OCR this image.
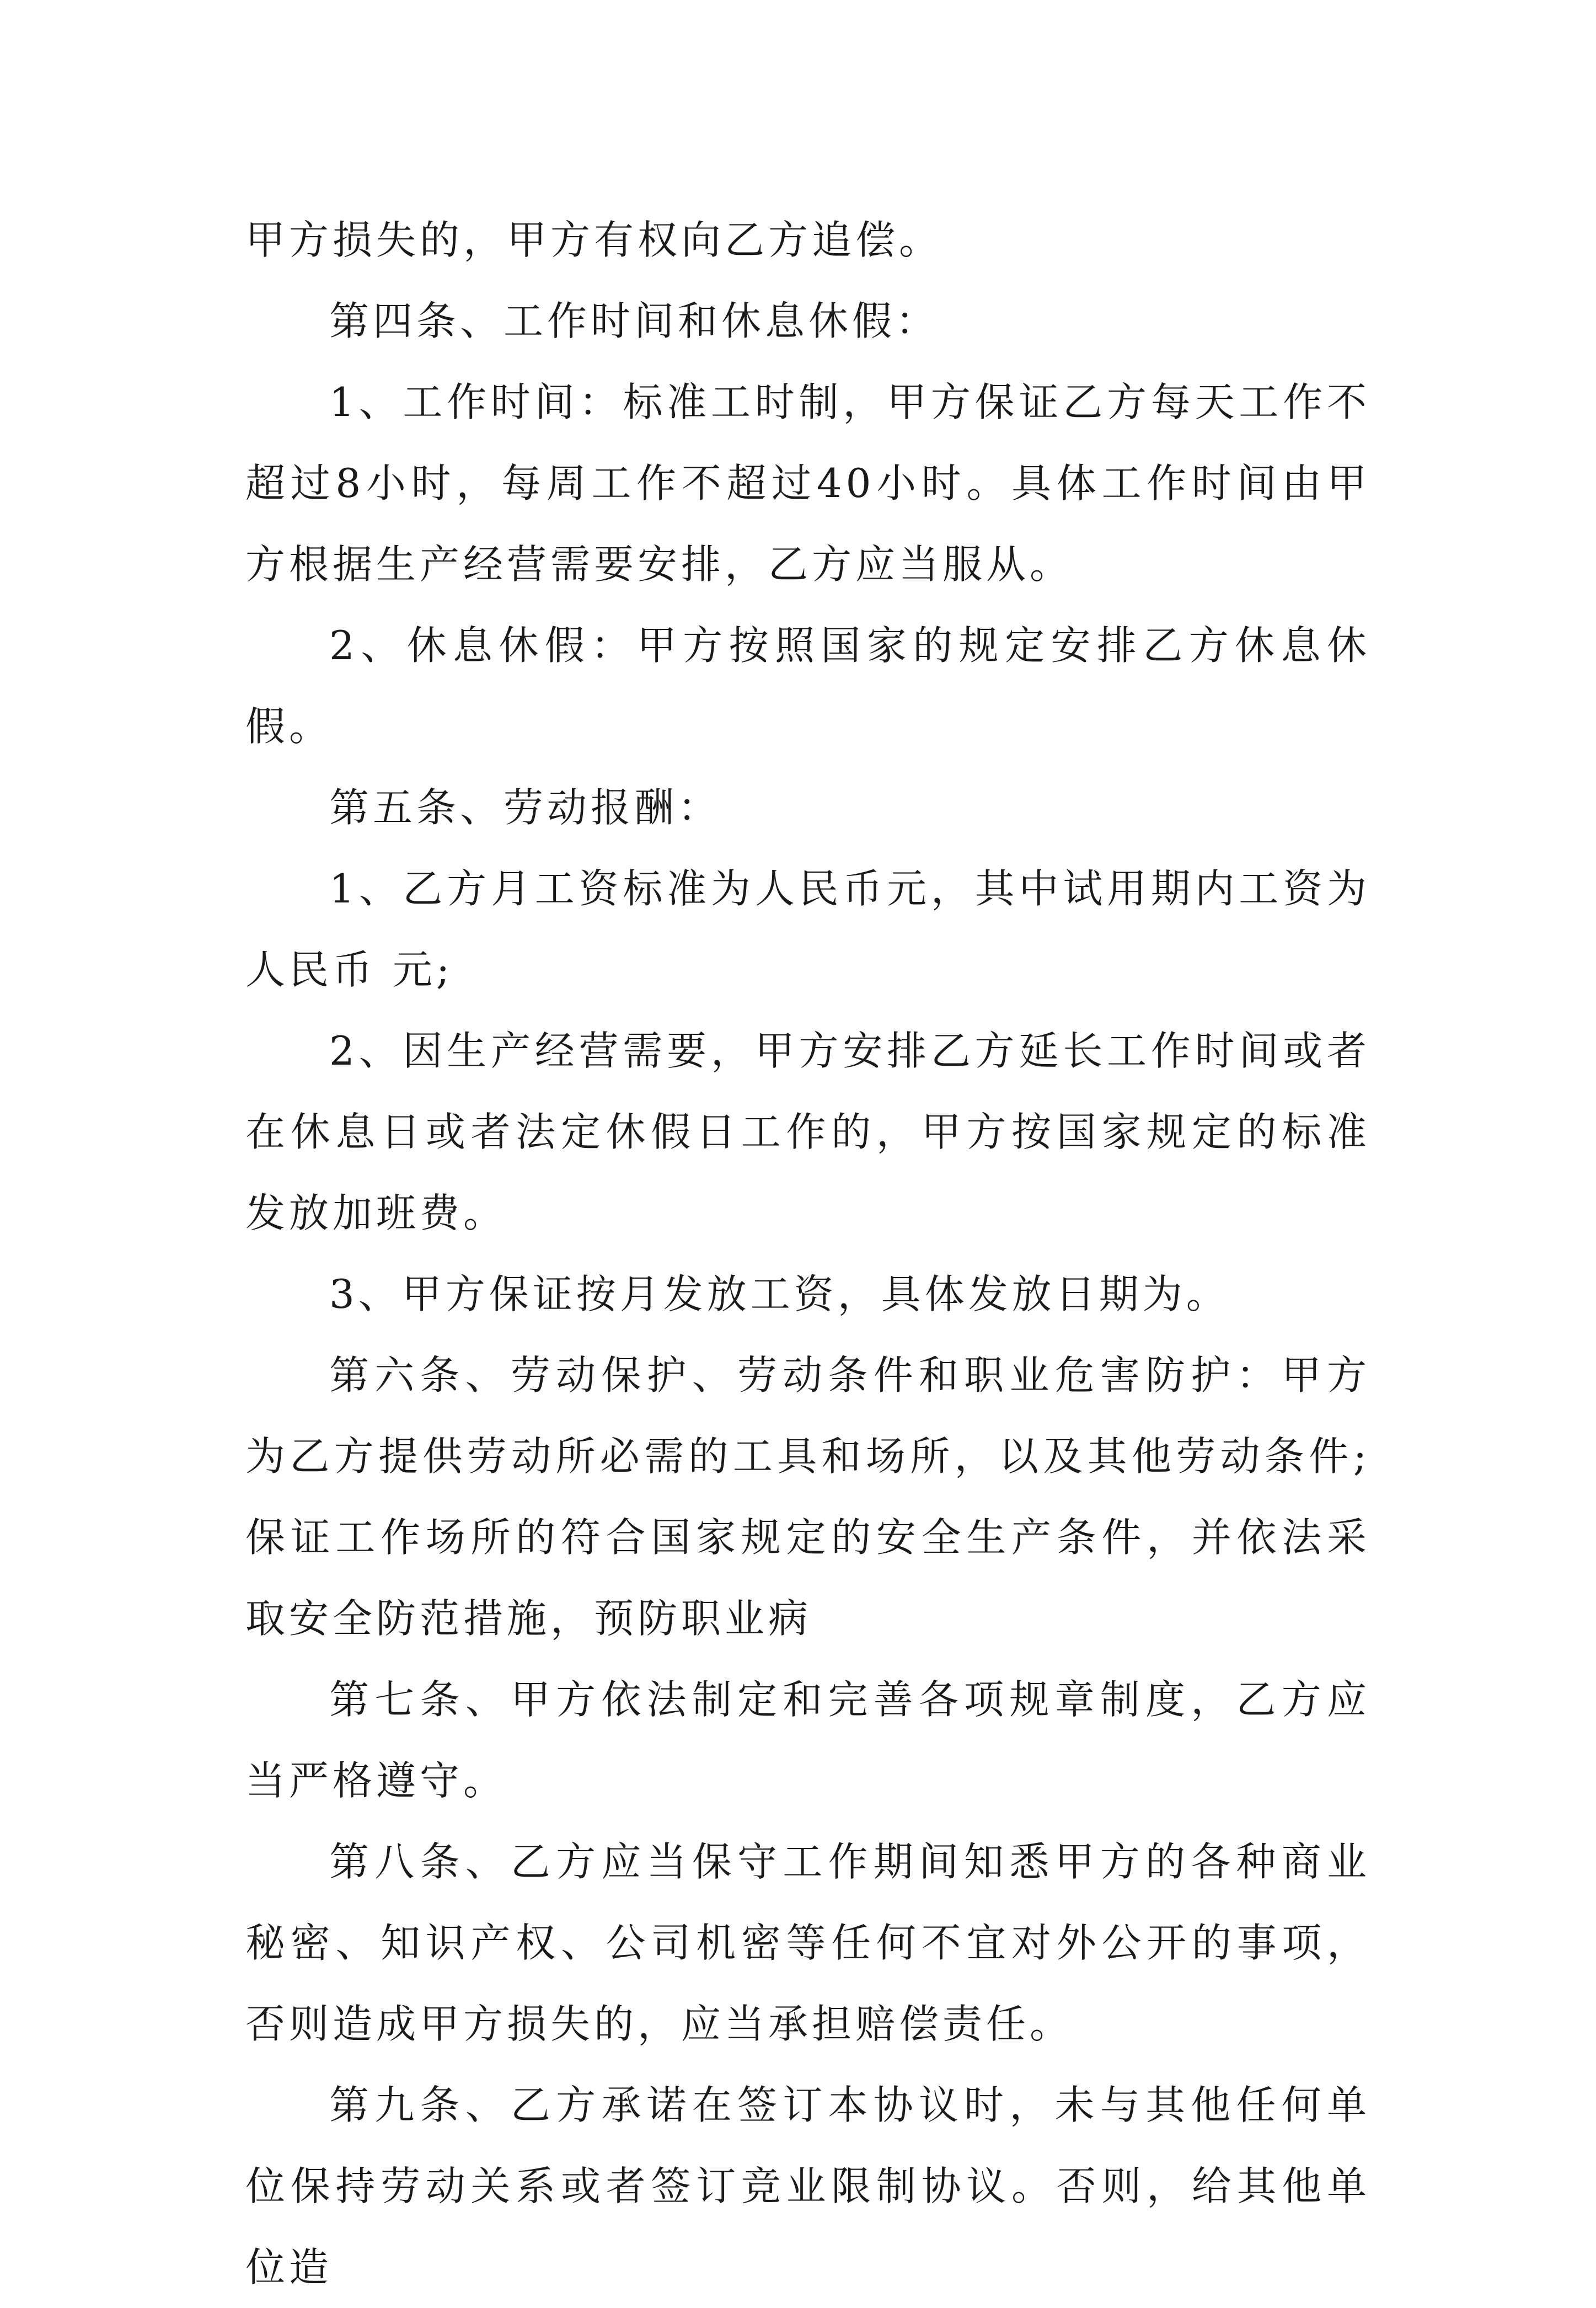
甲方损失的，甲方有权向乙方追偿。

第四条、工作时间和休息休假：

1、工作时间：标准工时制，甲方保证乙方每天工作不超过8小时，每周工作不超过40小时。具体工作时间由甲方根据生产经营需要安排，乙方应当服从。

2、休息休假：甲方按照国家的规定安排乙方休息休假。

第五条、劳动报酬：

1、乙方月工资标准为人民币元，其中试用期内工资为人民币 元;

2、因生产经营需要，甲方安排乙方延长工作时间或者在休息日或者法定休假日工作的，甲方按国家规定的标准发放加班费。

3、甲方保证按月发放工资，具体发放日期为。

第六条、劳动保护、劳动条件和职业危害防护：甲方为乙方提供劳动所必需的工具和场所，以及其他劳动条件;保证工作场所的符合国家规定的安全生产条件，并依法采取安全防范措施，预防职业病

第七条、甲方依法制定和完善各项规章制度，乙方应当严格遵守。

第八条、乙方应当保守工作期间知悉甲方的各种商业秘密、知识产权、公司机密等任何不宜对外公开的事项，否则造成甲方损失的，应当承担赔偿责任。

第九条、乙方承诺在签订本协议时，未与其他任何单位保持劳动关系或者签订竞业限制协议。否则，给其他单位造
